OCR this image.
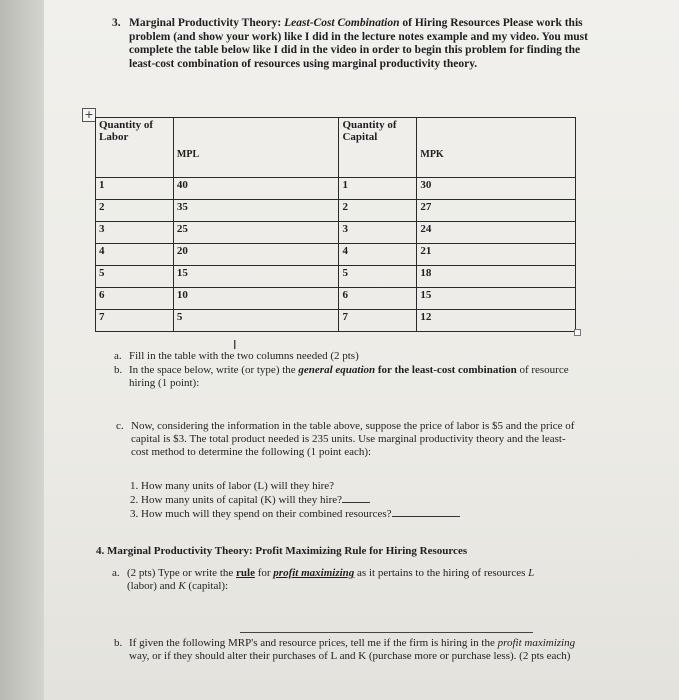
3. Marginal Productivity Theory: Least-Cost Combination of Hiring Resources Please work this problem (and show your work) like I did in the lecture notes example and my video. You must complete the table below like I did in the video in order to begin this problem for finding the least-cost combination of resources using marginal productivity theory.
+
Quantity of Labor	MPL	Quantity of Capital	MPK
1	40	1	30
2	35	2	27
3	25	3	24
4	20	4	21
5	15	5	18
6	10	6	15
7	5	7	12
I
a. Fill in the table with the two columns needed (2 pts)
b. In the space below, write (or type) the general equation for the least-cost combination of resource hiring (1 point):
c. Now, considering the information in the table above, suppose the price of labor is $5 and the price of capital is $3. The total product needed is 235 units. Use marginal productivity theory and the least-cost method to determine the following (1 point each):
1. How many units of labor (L) will they hire?
2. How many units of capital (K) will they hire?
3. How much will they spend on their combined resources?
4. Marginal Productivity Theory: Profit Maximizing Rule for Hiring Resources
a. (2 pts) Type or write the rule for profit maximizing as it pertains to the hiring of resources L (labor) and K (capital):
b. If given the following MRP's and resource prices, tell me if the firm is hiring in the profit maximizing way, or if they should alter their purchases of L and K (purchase more or purchase less). (2 pts each)
